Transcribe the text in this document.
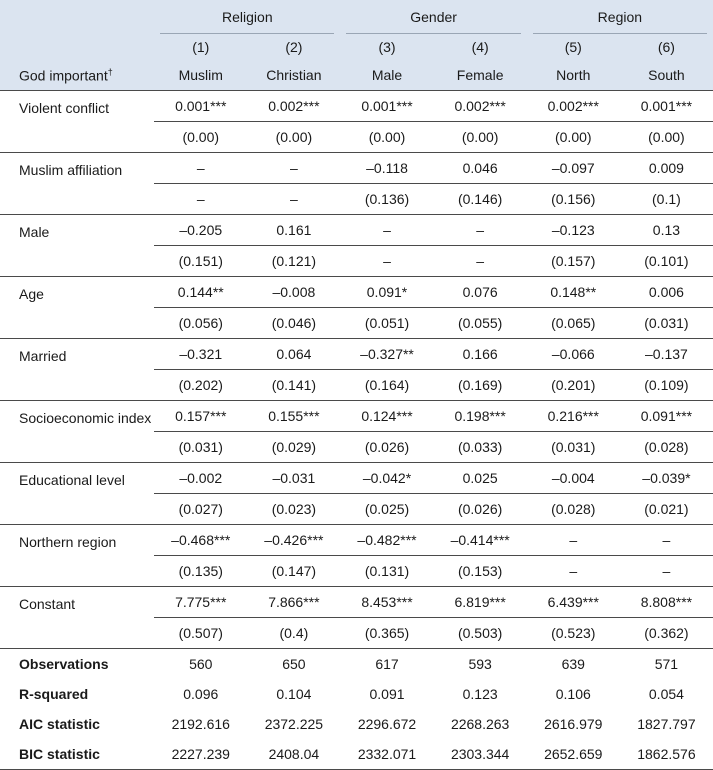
	Religion		Gender		Region	

	(1)	(2)	(3)	(4)	(5)	(6)
God important†	Muslim	Christian	Male	Female	North	South
Violent conflict	0.001***	0.002***	0.001***	0.002***	0.002***	0.001***
	(0.00)	(0.00)	(0.00)	(0.00)	(0.00)	(0.00)
Muslim affiliation	–	–	–0.118	0.046	–0.097	0.009
	–	–	(0.136)	(0.146)	(0.156)	(0.1)
Male	–0.205	0.161	–	–	–0.123	0.13
	(0.151)	(0.121)	–	–	(0.157)	(0.101)
Age	0.144**	–0.008	0.091*	0.076	0.148**	0.006
	(0.056)	(0.046)	(0.051)	(0.055)	(0.065)	(0.031)
Married	–0.321	0.064	–0.327**	0.166	–0.066	–0.137
	(0.202)	(0.141)	(0.164)	(0.169)	(0.201)	(0.109)
Socioeconomic index	0.157***	0.155***	0.124***	0.198***	0.216***	0.091***
	(0.031)	(0.029)	(0.026)	(0.033)	(0.031)	(0.028)
Educational level	–0.002	–0.031	–0.042*	0.025	–0.004	–0.039*
	(0.027)	(0.023)	(0.025)	(0.026)	(0.028)	(0.021)
Northern region	–0.468***	–0.426***	–0.482***	–0.414***	–	–
	(0.135)	(0.147)	(0.131)	(0.153)	–	–
Constant	7.775***	7.866***	8.453***	6.819***	6.439***	8.808***
	(0.507)	(0.4)	(0.365)	(0.503)	(0.523)	(0.362)
Observations	560	650	617	593	639	571
R-squared	0.096	0.104	0.091	0.123	0.106	0.054
AIC statistic	2192.616	2372.225	2296.672	2268.263	2616.979	1827.797
BIC statistic	2227.239	2408.04	2332.071	2303.344	2652.659	1862.576
